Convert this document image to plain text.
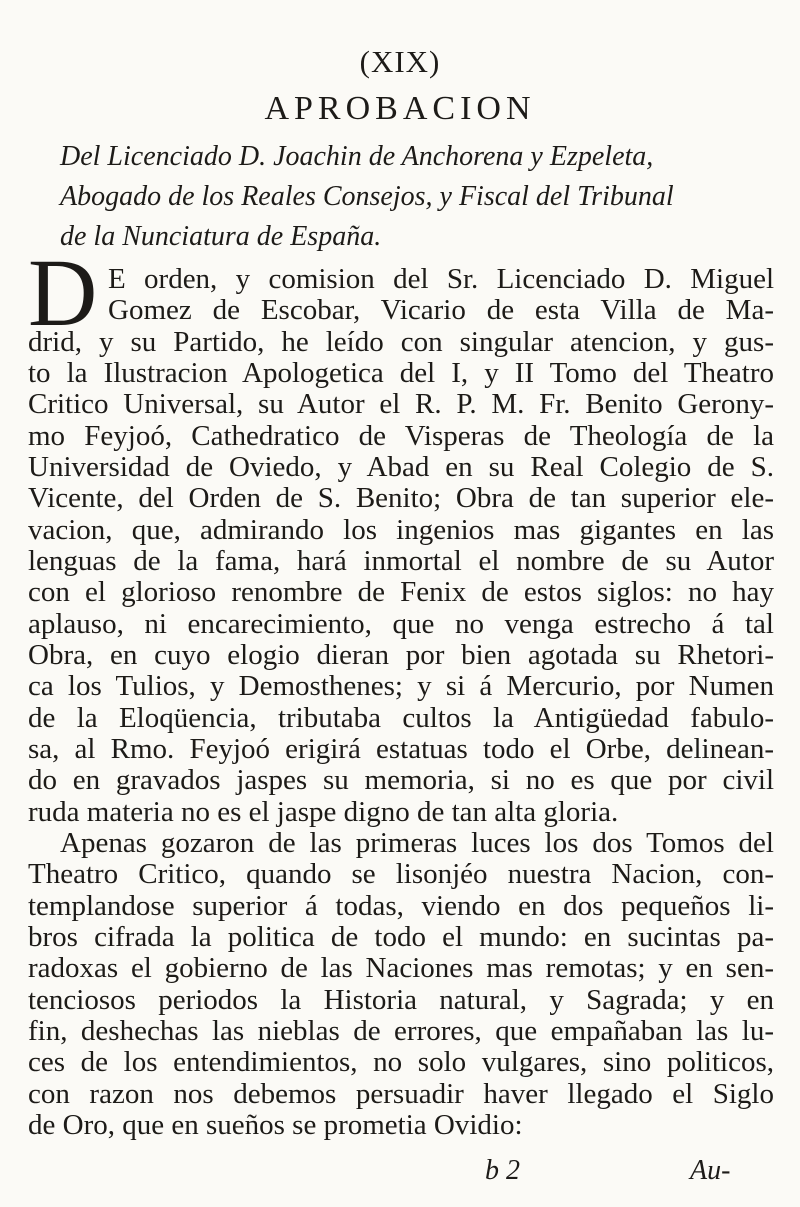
(XIX)
APROBACION
Del Licenciado D. Joachin de Anchorena y Ezpeleta,
Abogado de los Reales Consejos, y Fiscal del Tribunal
de la Nunciatura de España.
D E orden, y comision del Sr. Licenciado D. Miguel
Gomez de Escobar, Vicario de esta Villa de Ma-
drid, y su Partido, he leído con singular atencion, y gus-
to la Ilustracion Apologetica del I, y II Tomo del Theatro
Critico Universal, su Autor el R. P. M. Fr. Benito Gerony-
mo Feyjoó, Cathedratico de Visperas de Theología de la
Universidad de Oviedo, y Abad en su Real Colegio de S.
Vicente, del Orden de S. Benito; Obra de tan superior ele-
vacion, que, admirando los ingenios mas gigantes en las
lenguas de la fama, hará inmortal el nombre de su Autor
con el glorioso renombre de Fenix de estos siglos: no hay
aplauso, ni encarecimiento, que no venga estrecho á tal
Obra, en cuyo elogio dieran por bien agotada su Rhetori-
ca los Tulios, y Demosthenes; y si á Mercurio, por Numen
de la Eloqüencia, tributaba cultos la Antigüedad fabulo-
sa, al Rmo. Feyjoó erigirá estatuas todo el Orbe, delinean-
do en gravados jaspes su memoria, si no es que por civil
ruda materia no es el jaspe digno de tan alta gloria.
Apenas gozaron de las primeras luces los dos Tomos del
Theatro Critico, quando se lisonjéo nuestra Nacion, con-
templandose superior á todas, viendo en dos pequeños li-
bros cifrada la politica de todo el mundo: en sucintas pa-
radoxas el gobierno de las Naciones mas remotas; y en sen-
tenciosos periodos la Historia natural, y Sagrada; y en
b 2	Au-
fin, deshechas las nieblas de errores, que empañaban las lu-
ces de los entendimientos, no solo vulgares, sino politicos,
con razon nos debemos persuadir haver llegado el Siglo
de Oro, que en sueños se prometia Ovidio:
